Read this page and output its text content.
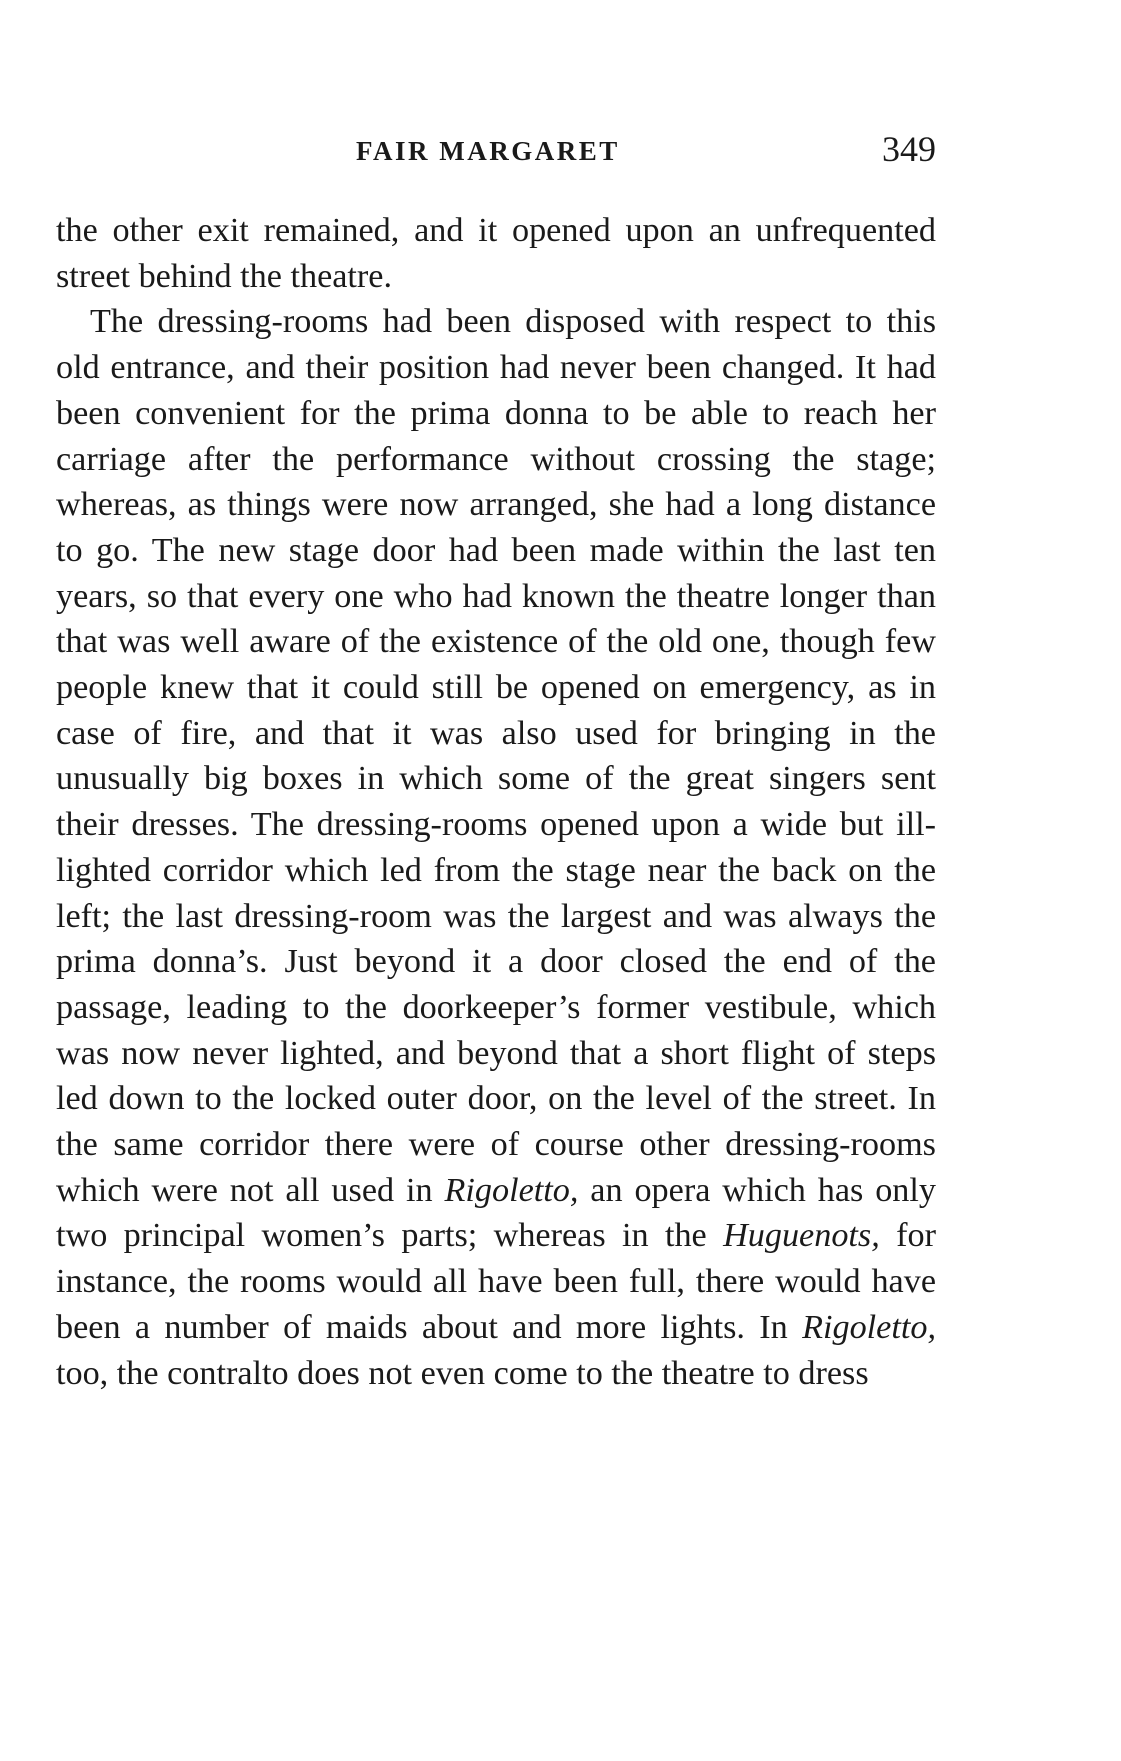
FAIR MARGARET	349

the other exit remained, and it opened upon an unfrequented street behind the theatre.

The dressing-rooms had been disposed with respect to this old entrance, and their position had never been changed. It had been convenient for the prima donna to be able to reach her carriage after the performance without crossing the stage; whereas, as things were now arranged, she had a long distance to go. The new stage door had been made within the last ten years, so that every one who had known the theatre longer than that was well aware of the existence of the old one, though few people knew that it could still be opened on emergency, as in case of fire, and that it was also used for bringing in the unusually big boxes in which some of the great singers sent their dresses. The dressing-rooms opened upon a wide but ill-lighted corridor which led from the stage near the back on the left; the last dressing-room was the largest and was always the prima donna’s. Just beyond it a door closed the end of the passage, leading to the doorkeeper’s former vestibule, which was now never lighted, and beyond that a short flight of steps led down to the locked outer door, on the level of the street. In the same corridor there were of course other dressing-rooms which were not all used in Rigoletto, an opera which has only two principal women’s parts; whereas in the Huguenots, for instance, the rooms would all have been full, there would have been a number of maids about and more lights. In Rigoletto, too, the contralto does not even come to the theatre to dress
